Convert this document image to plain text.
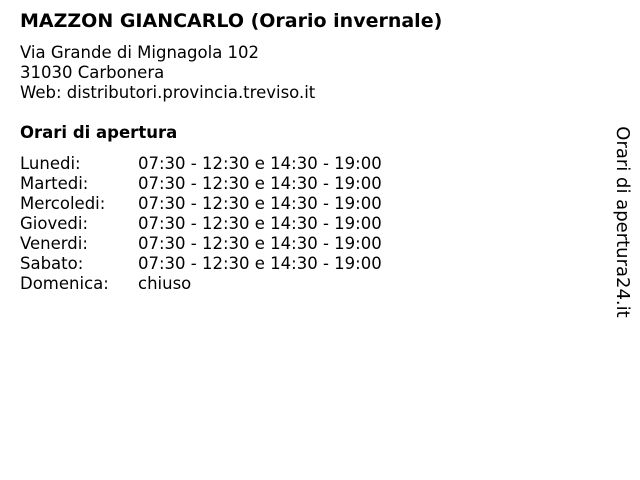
MAZZON GIANCARLO (Orario invernale)
Via Grande di Mignagola 102
31030 Carbonera
Web: distributori.provincia.treviso.it
Orari di apertura
Lunedi:	07:30 - 12:30 e 14:30 - 19:00
Martedi:	07:30 - 12:30 e 14:30 - 19:00
Mercoledi:	07:30 - 12:30 e 14:30 - 19:00
Giovedi:	07:30 - 12:30 e 14:30 - 19:00
Venerdi:	07:30 - 12:30 e 14:30 - 19:00
Sabato:	07:30 - 12:30 e 14:30 - 19:00
Domenica:	chiuso	Orari di apertura24.it
